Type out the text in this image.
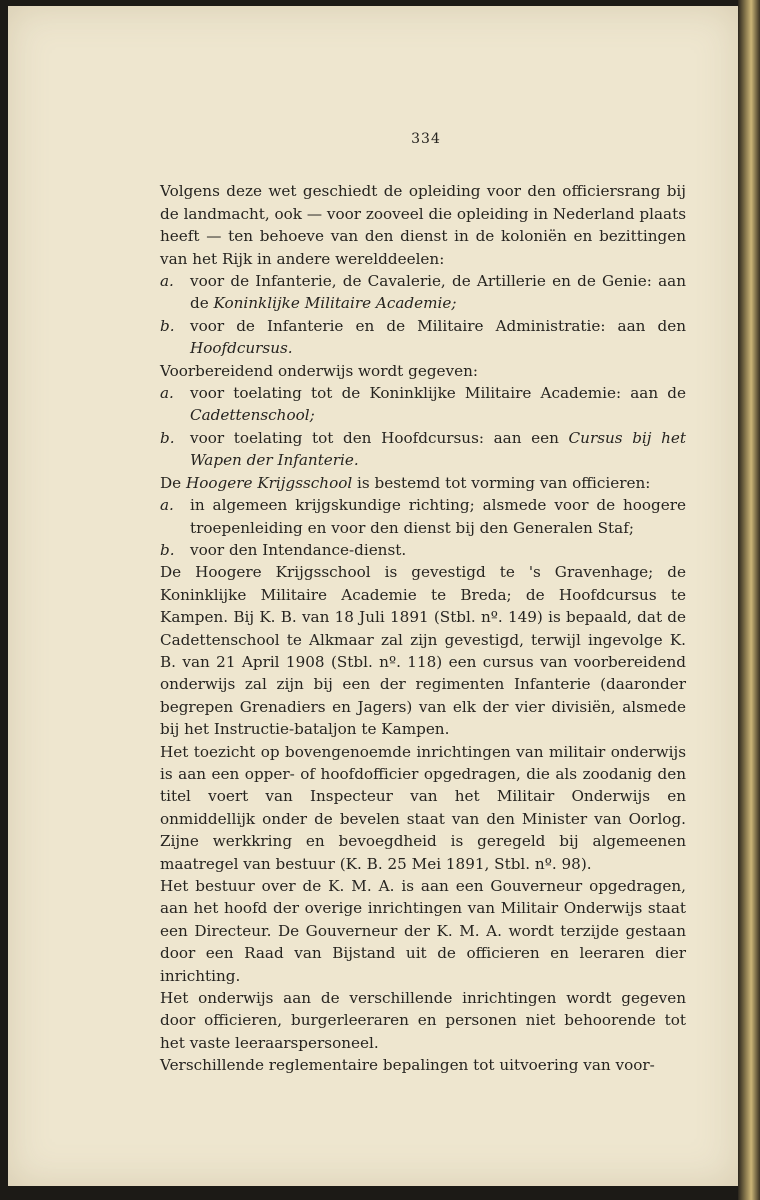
334

Volgens deze wet geschiedt de opleiding voor den officiersrang bij de landmacht, ook — voor zooveel die opleiding in Nederland plaats heeft — ten behoeve van den dienst in de koloniën en bezittingen van het Rijk in andere werelddeelen:

a. voor de Infanterie, de Cavalerie, de Artillerie en de Genie: aan de Koninklijke Militaire Academie;
b. voor de Infanterie en de Militaire Administratie: aan den Hoofdcursus.

Voorbereidend onderwijs wordt gegeven:

a. voor toelating tot de Koninklijke Militaire Academie: aan de Cadettenschool;
b. voor toelating tot den Hoofdcursus: aan een Cursus bij het Wapen der Infanterie.

De Hoogere Krijgsschool is bestemd tot vorming van officieren:

a. in algemeen krijgskundige richting; alsmede voor de hoogere troepenleiding en voor den dienst bij den Generalen Staf;
b. voor den Intendance-dienst.

De Hoogere Krijgsschool is gevestigd te 's Gravenhage; de Koninklijke Militaire Academie te Breda; de Hoofdcursus te Kampen. Bij K. B. van 18 Juli 1891 (Stbl. nº. 149) is bepaald, dat de Cadettenschool te Alkmaar zal zijn gevestigd, terwijl ingevolge K. B. van 21 April 1908 (Stbl. nº. 118) een cursus van voorbereidend onderwijs zal zijn bij een der regimenten Infanterie (daaronder begrepen Grenadiers en Jagers) van elk der vier divisiën, alsmede bij het Instructie-bataljon te Kampen.

Het toezicht op bovengenoemde inrichtingen van militair onderwijs is aan een opper- of hoofdofficier opgedragen, die als zoodanig den titel voert van Inspecteur van het Militair Onderwijs en onmiddellijk onder de bevelen staat van den Minister van Oorlog. Zijne werkkring en bevoegdheid is geregeld bij algemeenen maatregel van bestuur (K. B. 25 Mei 1891, Stbl. nº. 98).

Het bestuur over de K. M. A. is aan een Gouverneur opgedragen, aan het hoofd der overige inrichtingen van Militair Onderwijs staat een Directeur. De Gouverneur der K. M. A. wordt terzijde gestaan door een Raad van Bijstand uit de officieren en leeraren dier inrichting.

Het onderwijs aan de verschillende inrichtingen wordt gegeven door officieren, burgerleeraren en personen niet behoorende tot het vaste leeraarspersoneel.

Verschillende reglementaire bepalingen tot uitvoering van voor-
